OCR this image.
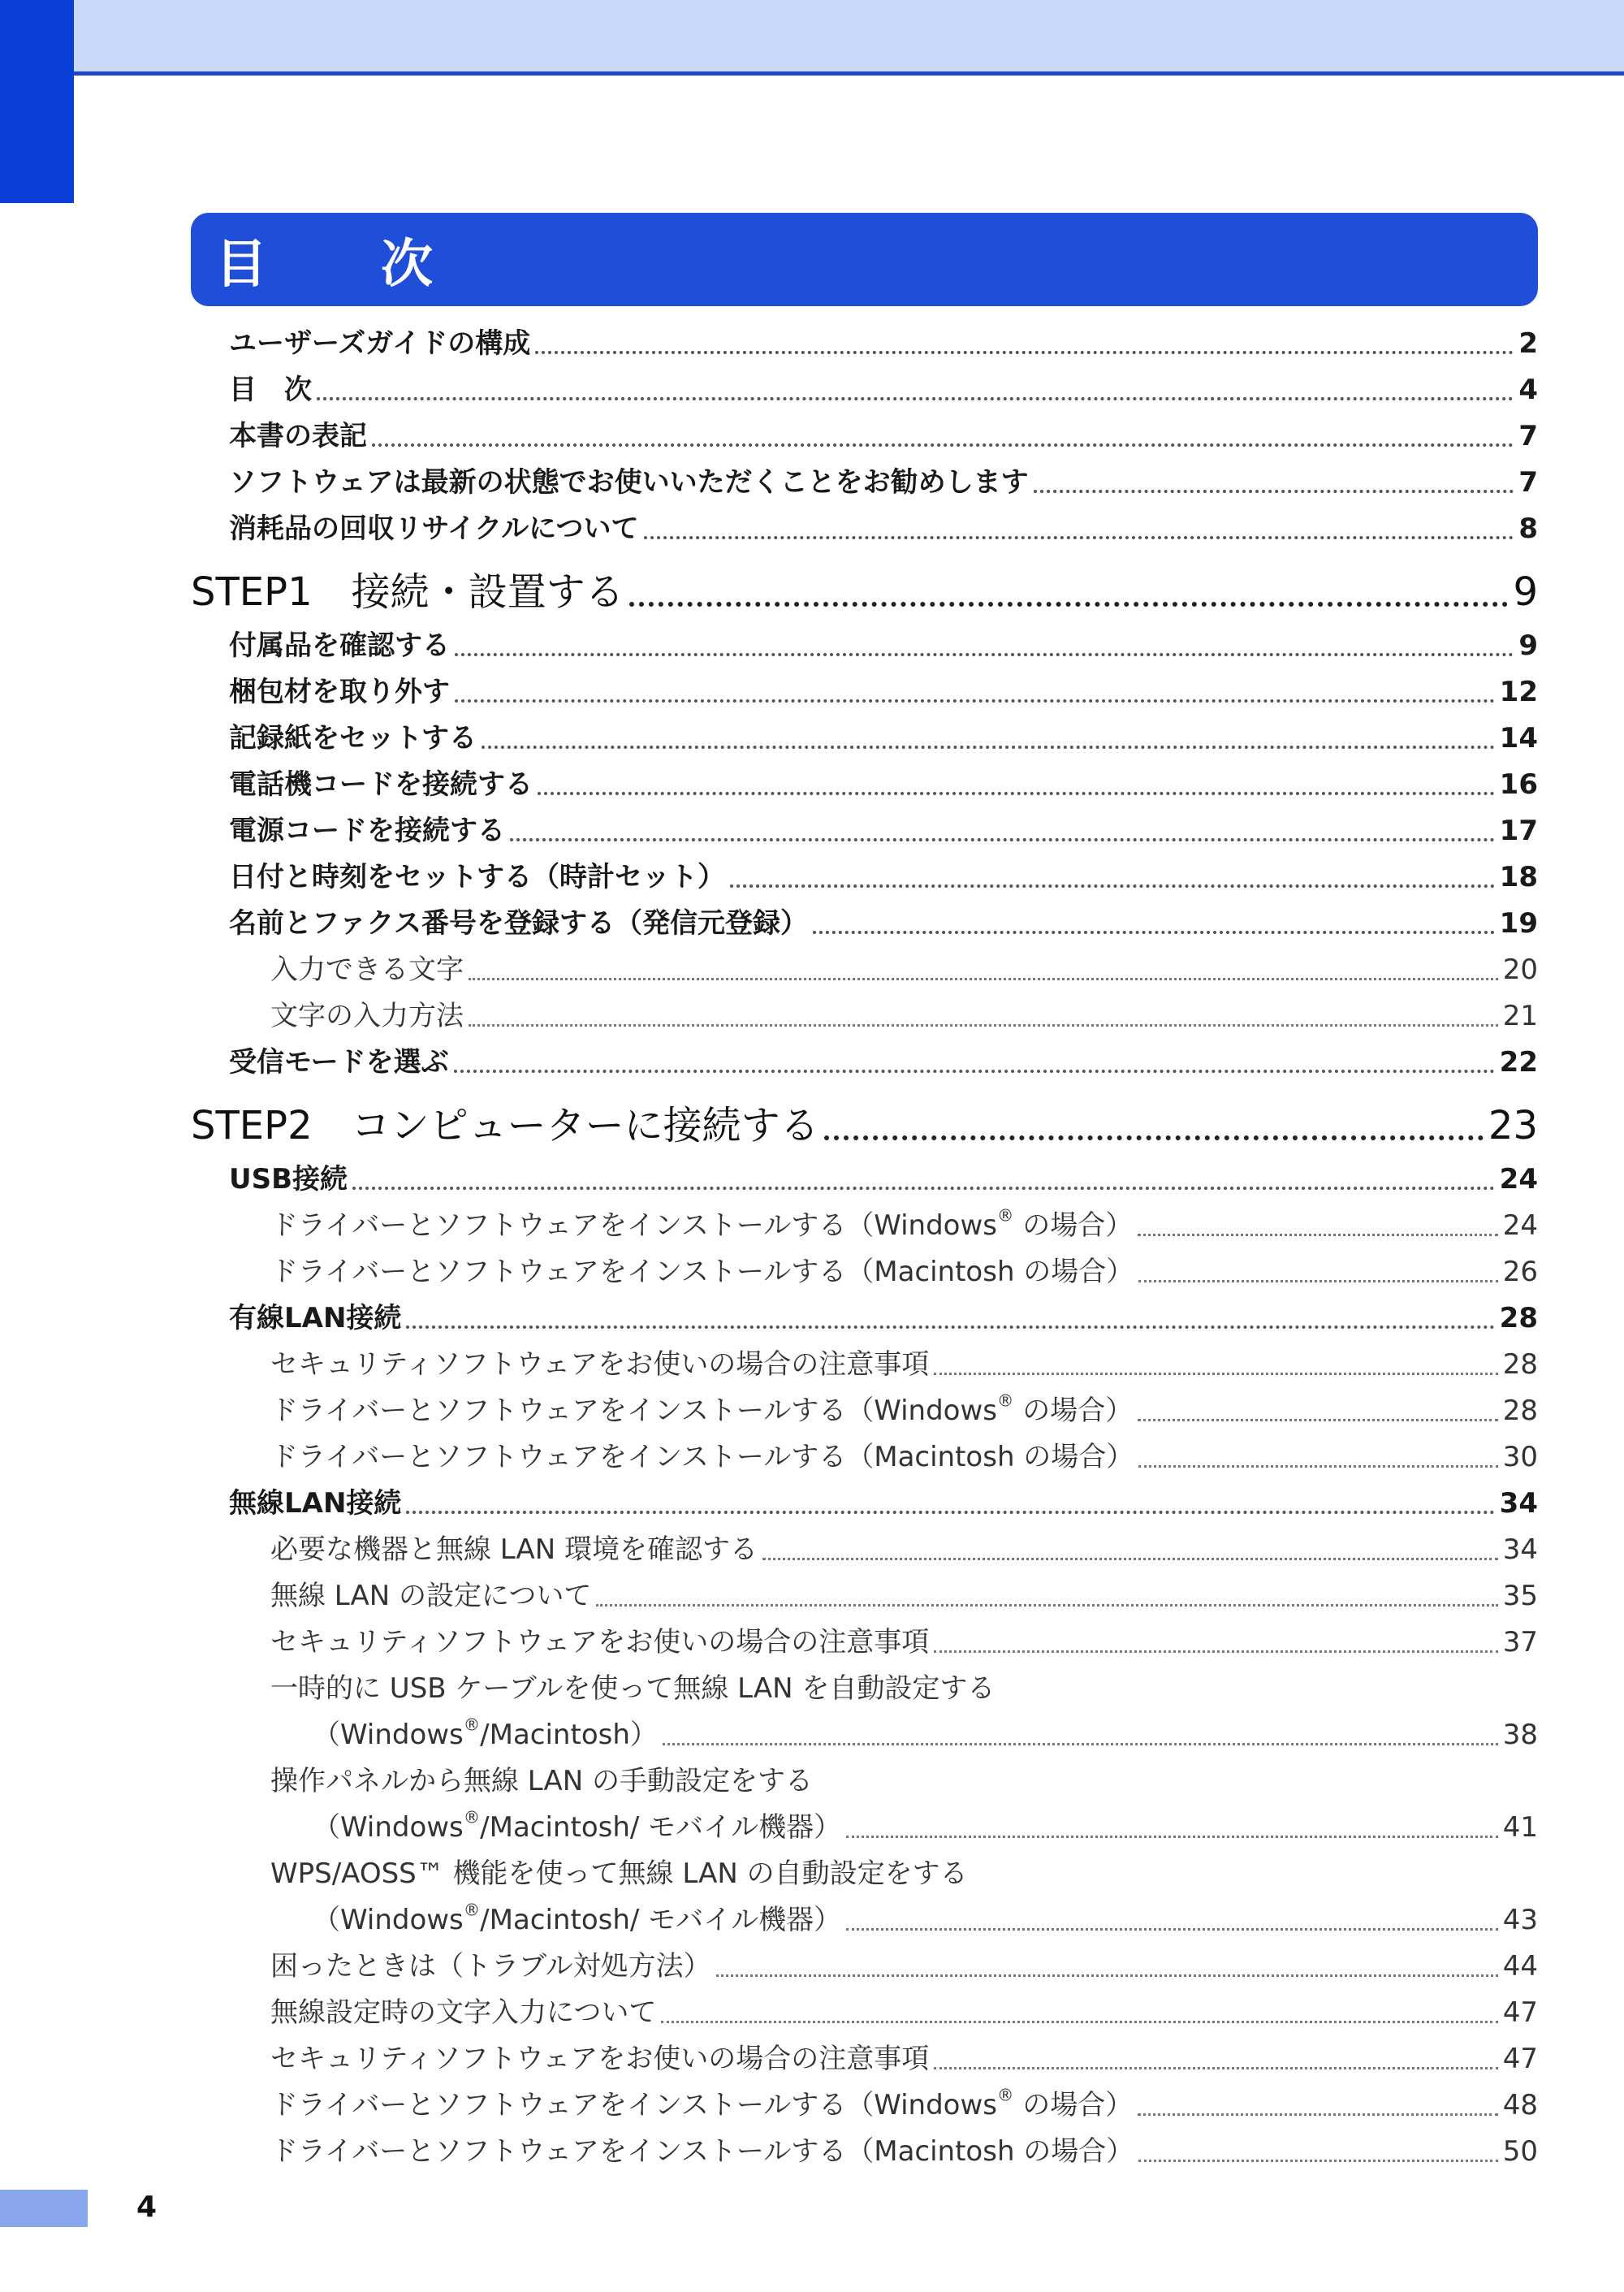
目　次
ユーザーズガイドの構成	2
目　次	4
本書の表記	7
ソフトウェアは最新の状態でお使いいただくことをお勧めします	7
消耗品の回収リサイクルについて	8
STEP1　接続・設置する	9
付属品を確認する	9
梱包材を取り外す	12
記録紙をセットする	14
電話機コードを接続する	16
電源コードを接続する	17
日付と時刻をセットする（時計セット）	18
名前とファクス番号を登録する（発信元登録）	19
入力できる文字	20
文字の入力方法	21
受信モードを選ぶ	22
STEP2　コンピューターに接続する	23
USB接続	24
ドライバーとソフトウェアをインストールする（Windows® の場合）	24
ドライバーとソフトウェアをインストールする（Macintosh の場合）	26
有線LAN接続	28
セキュリティソフトウェアをお使いの場合の注意事項	28
ドライバーとソフトウェアをインストールする（Windows® の場合）	28
ドライバーとソフトウェアをインストールする（Macintosh の場合）	30
無線LAN接続	34
必要な機器と無線 LAN 環境を確認する	34
無線 LAN の設定について	35
セキュリティソフトウェアをお使いの場合の注意事項	37
一時的に USB ケーブルを使って無線 LAN を自動設定する
（Windows®/Macintosh）	38
操作パネルから無線 LAN の手動設定をする
（Windows®/Macintosh/ モバイル機器）	41
WPS/AOSS™ 機能を使って無線 LAN の自動設定をする
（Windows®/Macintosh/ モバイル機器）	43
困ったときは（トラブル対処方法）	44
無線設定時の文字入力について	47
セキュリティソフトウェアをお使いの場合の注意事項	47
ドライバーとソフトウェアをインストールする（Windows® の場合）	48
ドライバーとソフトウェアをインストールする（Macintosh の場合）	50
4
